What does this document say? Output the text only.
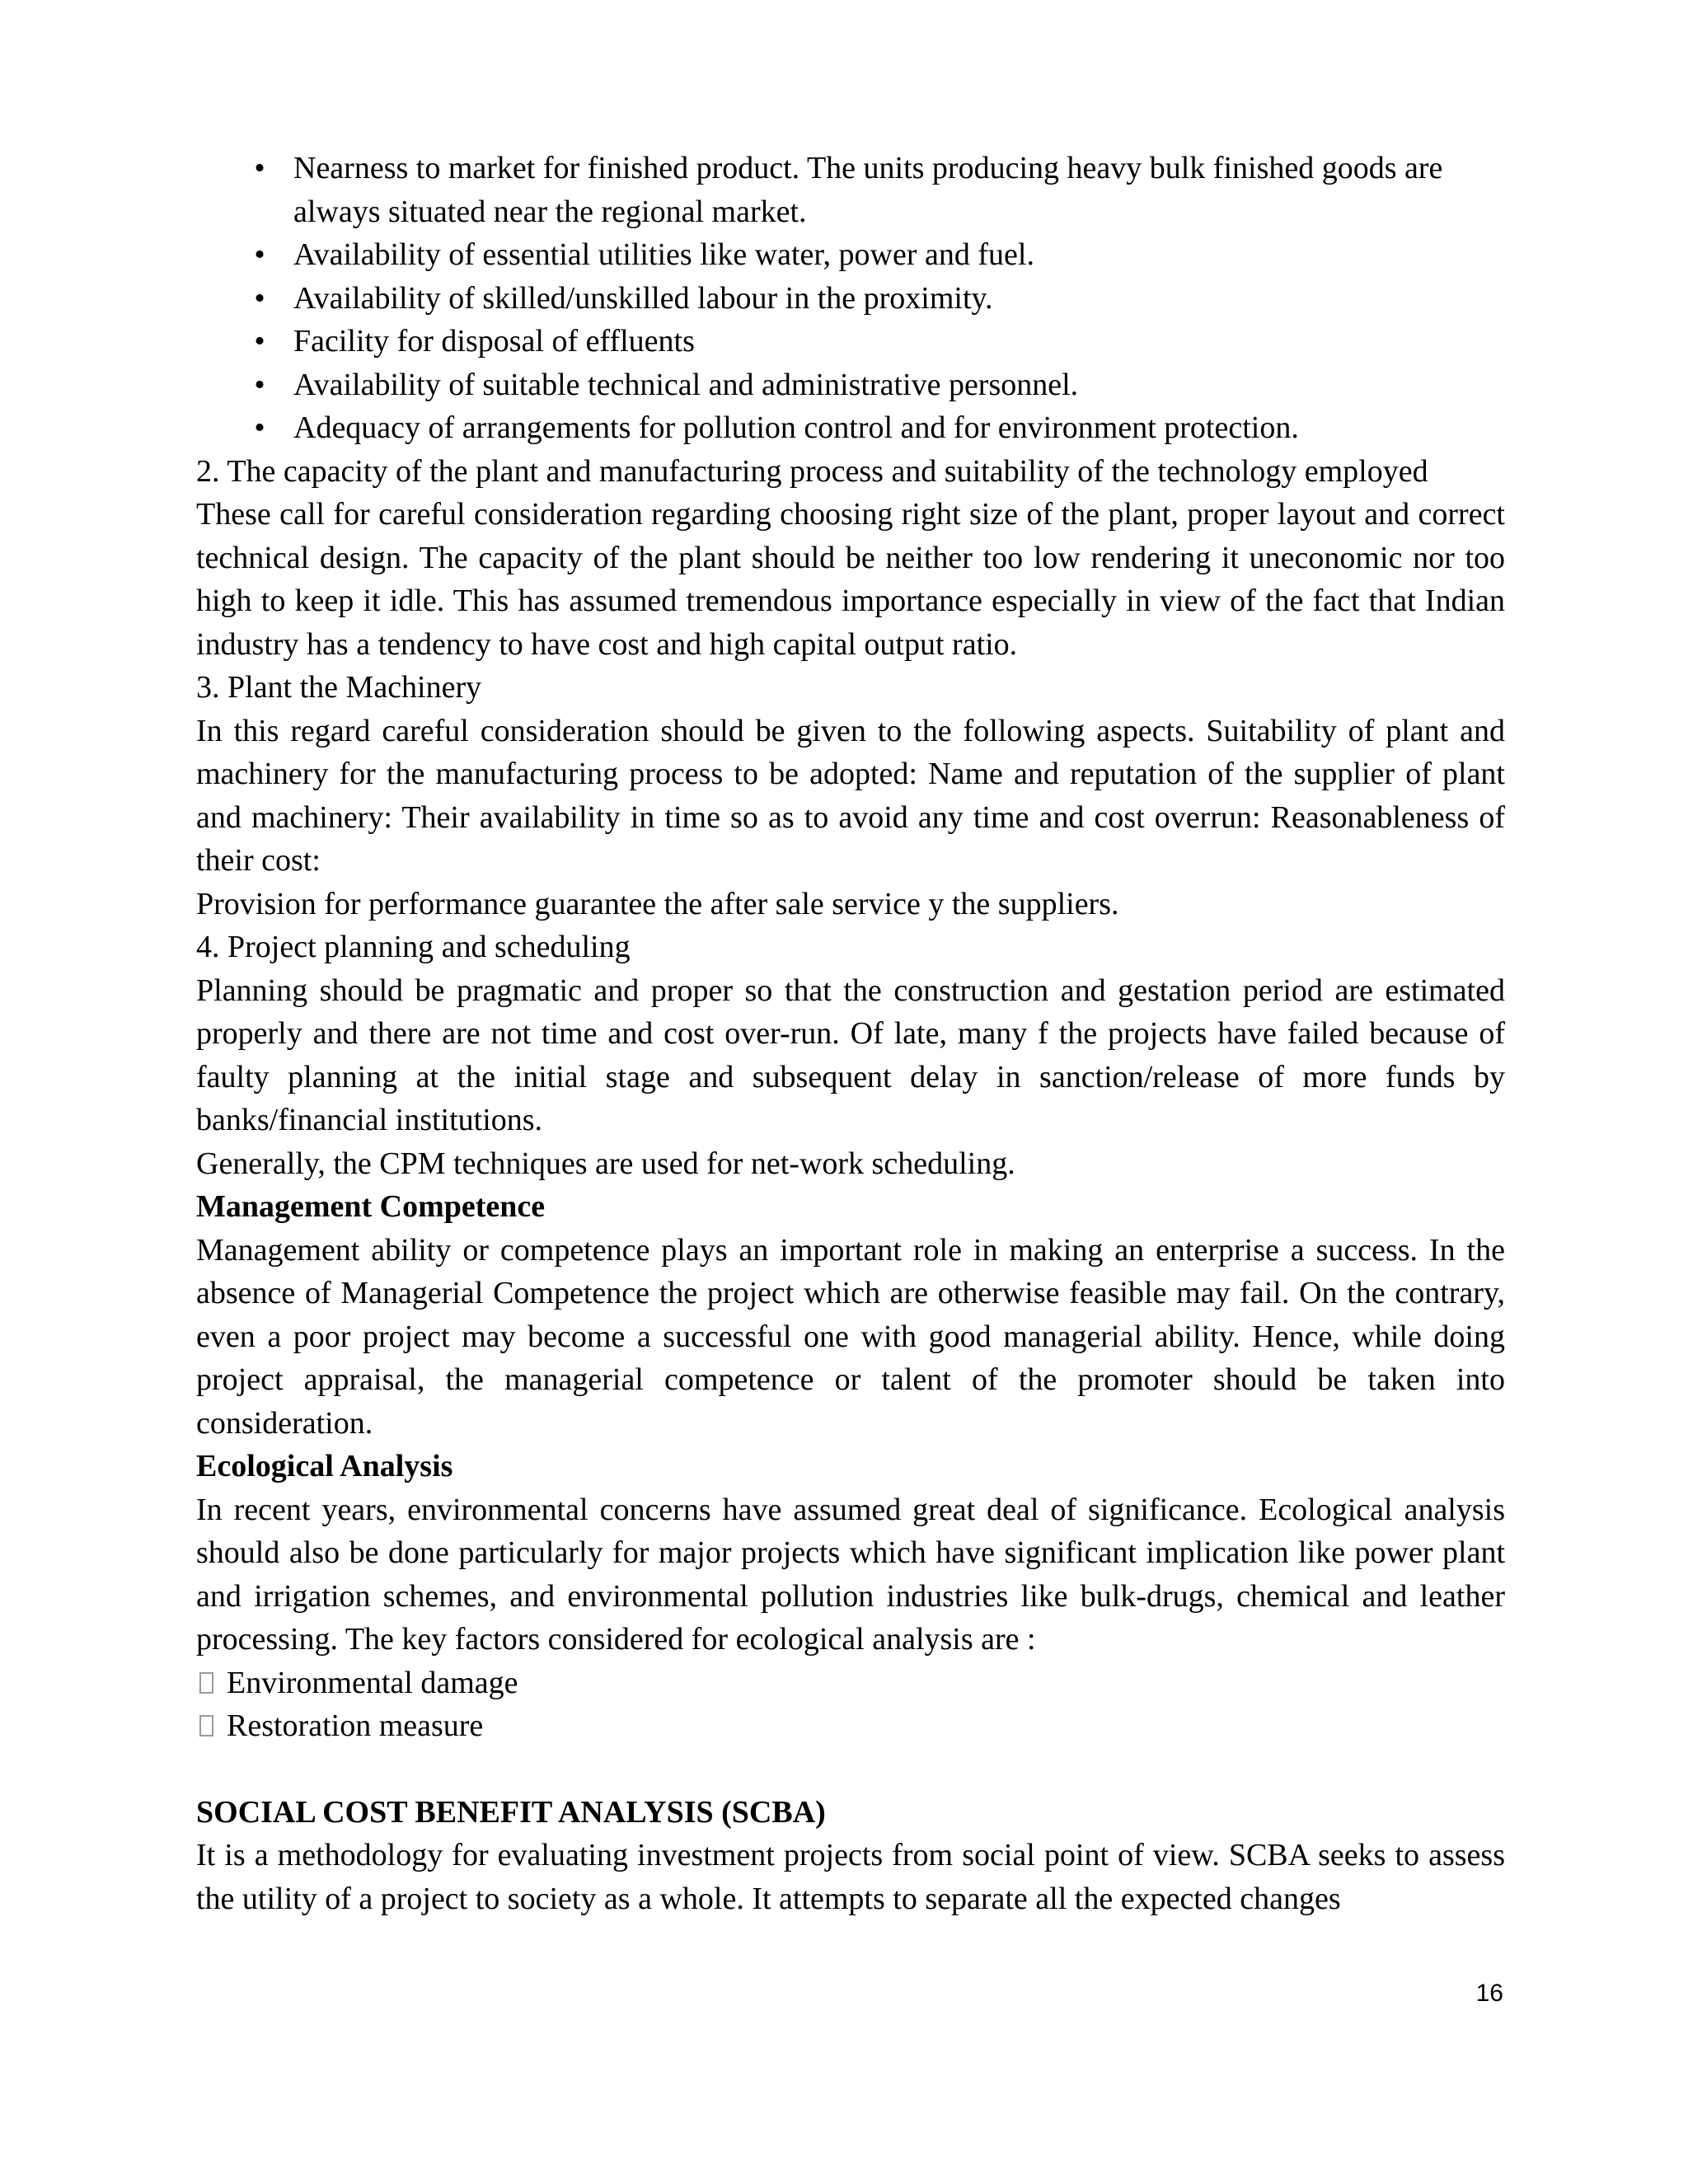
• Nearness to market for finished product. The units producing heavy bulk finished goods are always situated near the regional market.
• Availability of essential utilities like water, power and fuel.
• Availability of skilled/unskilled labour in the proximity.
• Facility for disposal of effluents
• Availability of suitable technical and administrative personnel.
• Adequacy of arrangements for pollution control and for environment protection.

2. The capacity of the plant and manufacturing process and suitability of the technology employed

These call for careful consideration regarding choosing right size of the plant, proper layout and correct technical design. The capacity of the plant should be neither too low rendering it uneconomic nor too high to keep it idle. This has assumed tremendous importance especially in view of the fact that Indian industry has a tendency to have cost and high capital output ratio.

3. Plant the Machinery

In this regard careful consideration should be given to the following aspects. Suitability of plant and machinery for the manufacturing process to be adopted: Name and reputation of the supplier of plant and machinery: Their availability in time so as to avoid any time and cost overrun: Reasonableness of their cost:

Provision for performance guarantee the after sale service y the suppliers.

4. Project planning and scheduling

Planning should be pragmatic and proper so that the construction and gestation period are estimated properly and there are not time and cost over-run. Of late, many f the projects have failed because of faulty planning at the initial stage and subsequent delay in sanction/release of more funds by banks/financial institutions.

Generally, the CPM techniques are used for net-work scheduling.

Management Competence

Management ability or competence plays an important role in making an enterprise a success. In the absence of Managerial Competence the project which are otherwise feasible may fail. On the contrary, even a poor project may become a successful one with good managerial ability. Hence, while doing project appraisal, the managerial competence or talent of the promoter should be taken into consideration.

Ecological Analysis

In recent years, environmental concerns have assumed great deal of significance. Ecological analysis should also be done particularly for major projects which have significant implication like power plant and irrigation schemes, and environmental pollution industries like bulk-drugs, chemical and leather processing. The key factors considered for ecological analysis are :

Environmental damage

Restoration measure

SOCIAL COST BENEFIT ANALYSIS (SCBA)

It is a methodology for evaluating investment projects from social point of view. SCBA seeks to assess the utility of a project to society as a whole. It attempts to separate all the expected changes

16
